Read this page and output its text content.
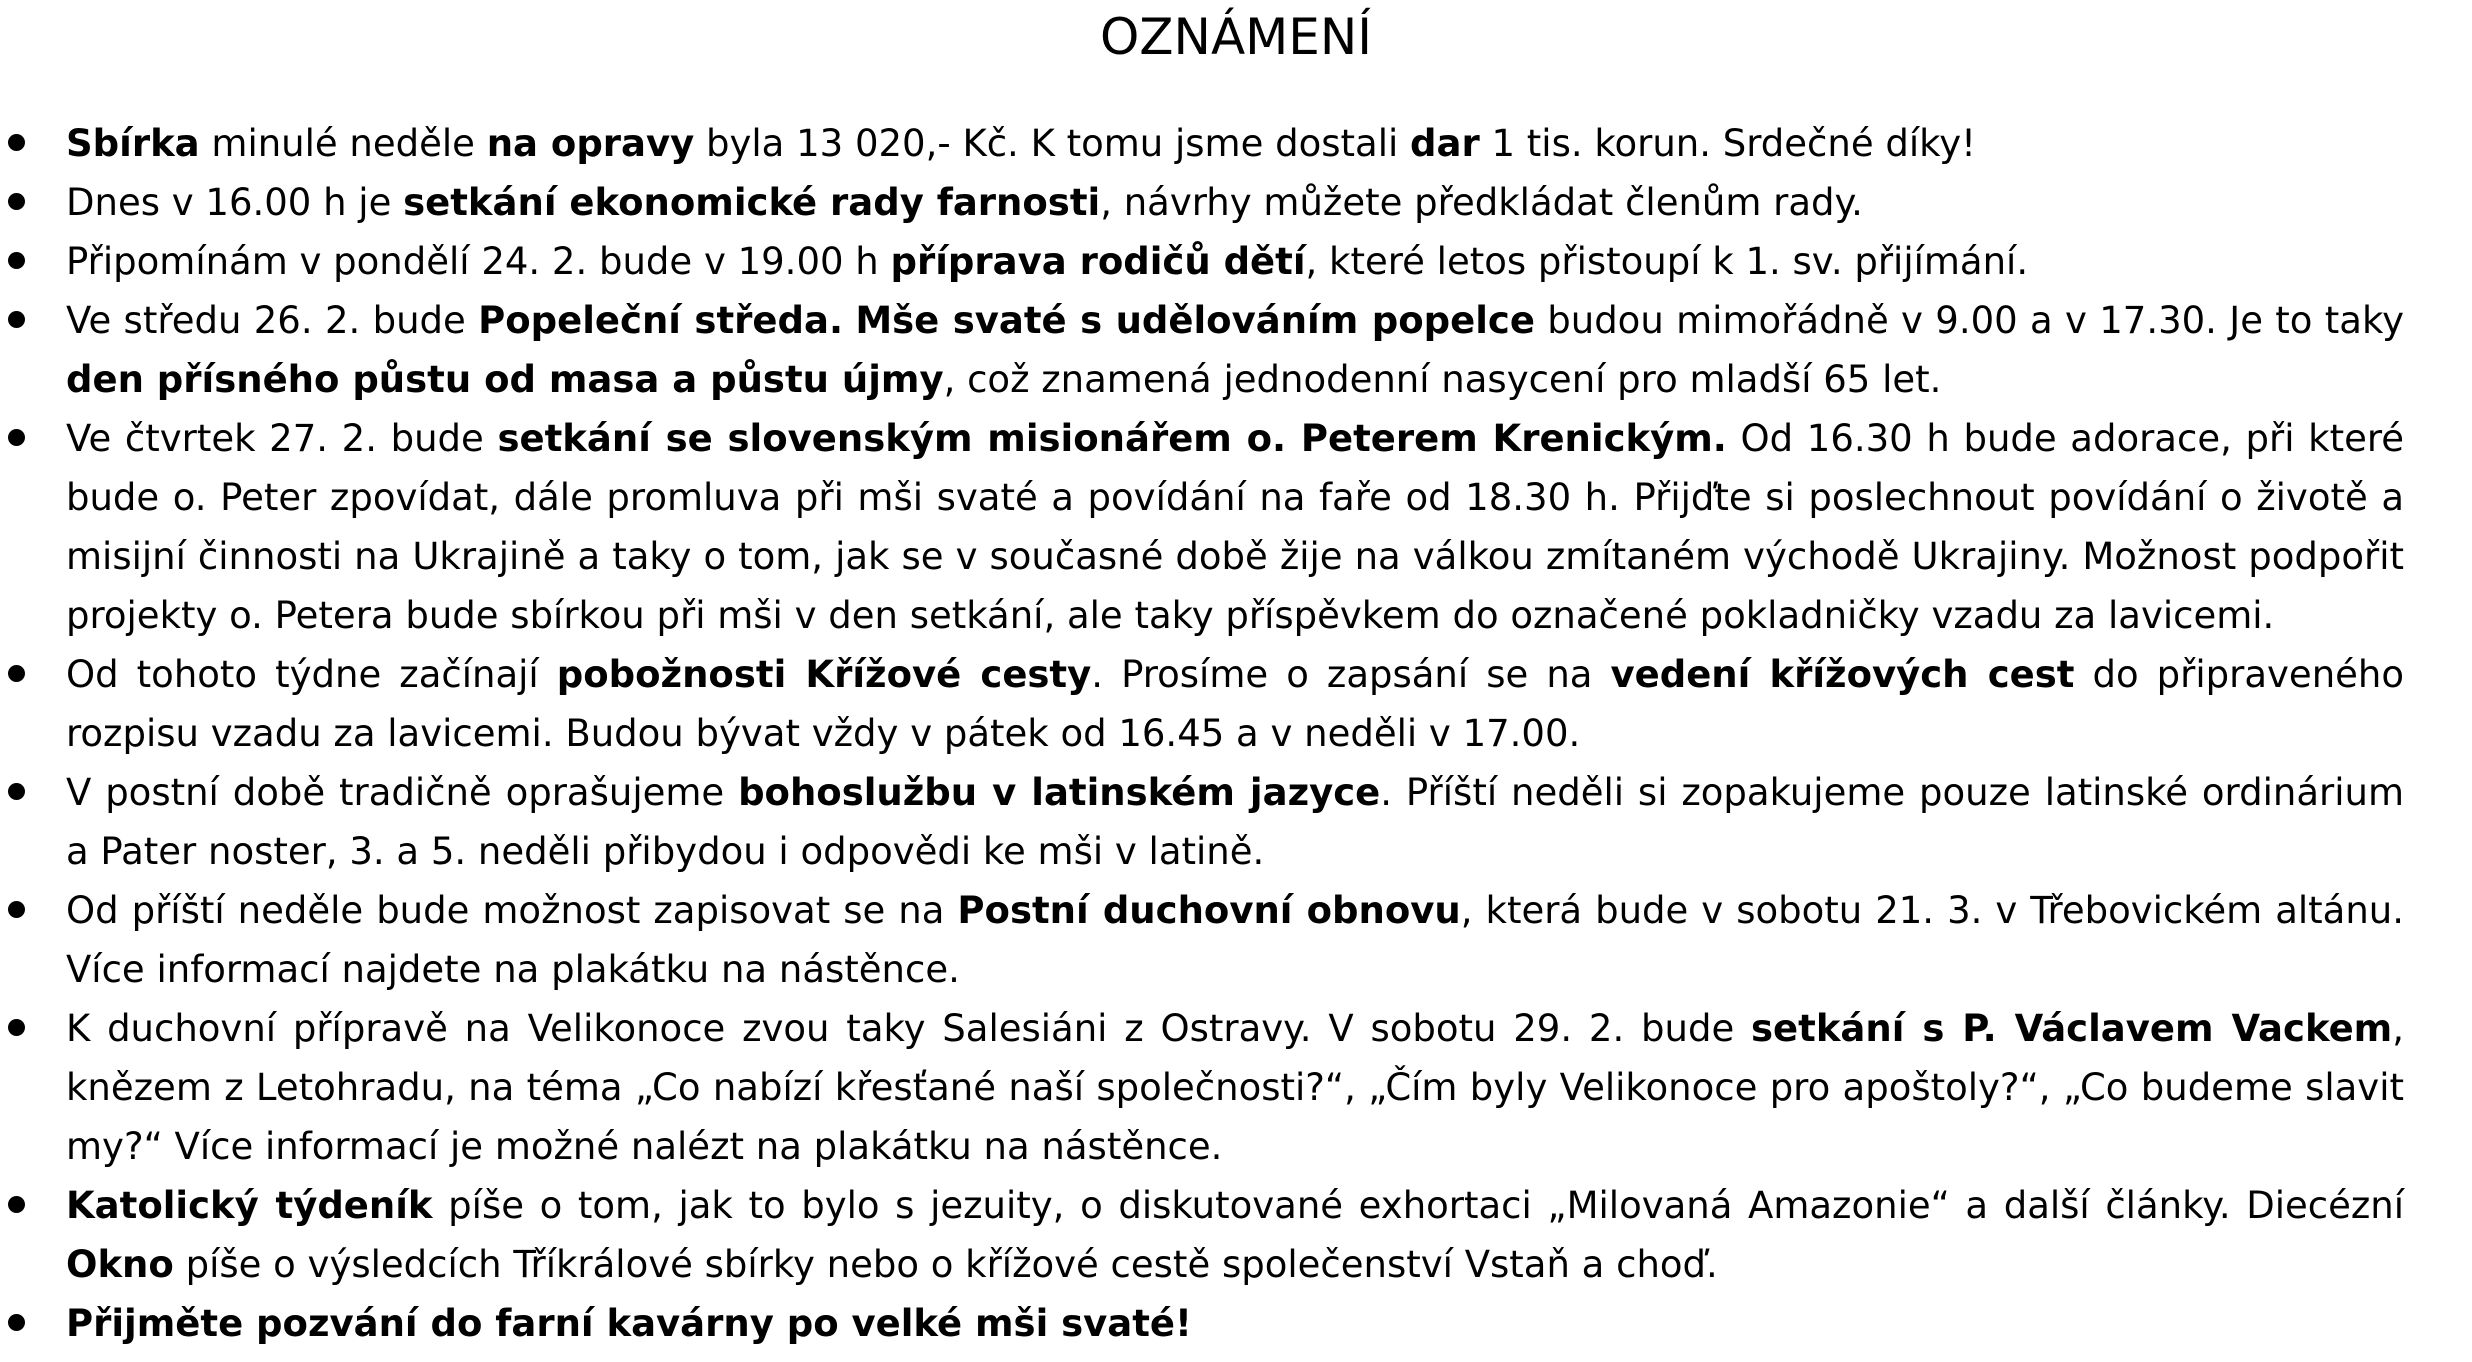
OZNÁMENÍ
Sbírka minulé neděle na opravy byla 13 020,- Kč. K tomu jsme dostali dar 1 tis. korun. Srdečné díky!
Dnes v 16.00 h je setkání ekonomické rady farnosti, návrhy můžete předkládat členům rady.
Připomínám v pondělí 24. 2. bude v 19.00 h příprava rodičů dětí, které letos přistoupí k 1. sv. přijímání.
Ve středu 26. 2. bude Popeleční středa. Mše svaté s udělováním popelce budou mimořádně v 9.00 a v 17.30. Je to taky den přísného půstu od masa a půstu újmy, což znamená jednodenní nasycení pro mladší 65 let.
Ve čtvrtek 27. 2. bude setkání se slovenským misionářem o. Peterem Krenickým. Od 16.30 h bude adorace, při které bude o. Peter zpovídat, dále promluva při mši svaté a povídání na faře od 18.30 h. Přijďte si poslechnout povídání o životě a misijní činnosti na Ukrajině a taky o tom, jak se v současné době žije na válkou zmítaném východě Ukrajiny. Možnost podpořit projekty o. Petera bude sbírkou při mši v den setkání, ale taky příspěvkem do označené pokladničky vzadu za lavicemi.
Od tohoto týdne začínají pobožnosti Křížové cesty. Prosíme o zapsání se na vedení křížových cest do připraveného rozpisu vzadu za lavicemi. Budou bývat vždy v pátek od 16.45 a v neděli v 17.00.
V postní době tradičně oprašujeme bohoslužbu v latinském jazyce. Příští neděli si zopakujeme pouze latinské ordinárium a Pater noster, 3. a 5. neděli přibydou i odpovědi ke mši v latině.
Od příští neděle bude možnost zapisovat se na Postní duchovní obnovu, která bude v sobotu 21. 3. v Třebovickém altánu. Více informací najdete na plakátku na nástěnce.
K duchovní přípravě na Velikonoce zvou taky Salesiáni z Ostravy. V sobotu 29. 2. bude setkání s P. Václavem Vackem, knězem z Letohradu, na téma „Co nabízí křesťané naší společnosti?“, „Čím byly Velikonoce pro apoštoly?“, „Co budeme slavit my?“ Více informací je možné nalézt na plakátku na nástěnce.
Katolický týdeník píše o tom, jak to bylo s jezuity, o diskutované exhortaci „Milovaná Amazonie“ a další články. Diecézní Okno píše o výsledcích Tříkrálové sbírky nebo o křížové cestě společenství Vstaň a choď.
Přijměte pozvání do farní kavárny po velké mši svaté!
